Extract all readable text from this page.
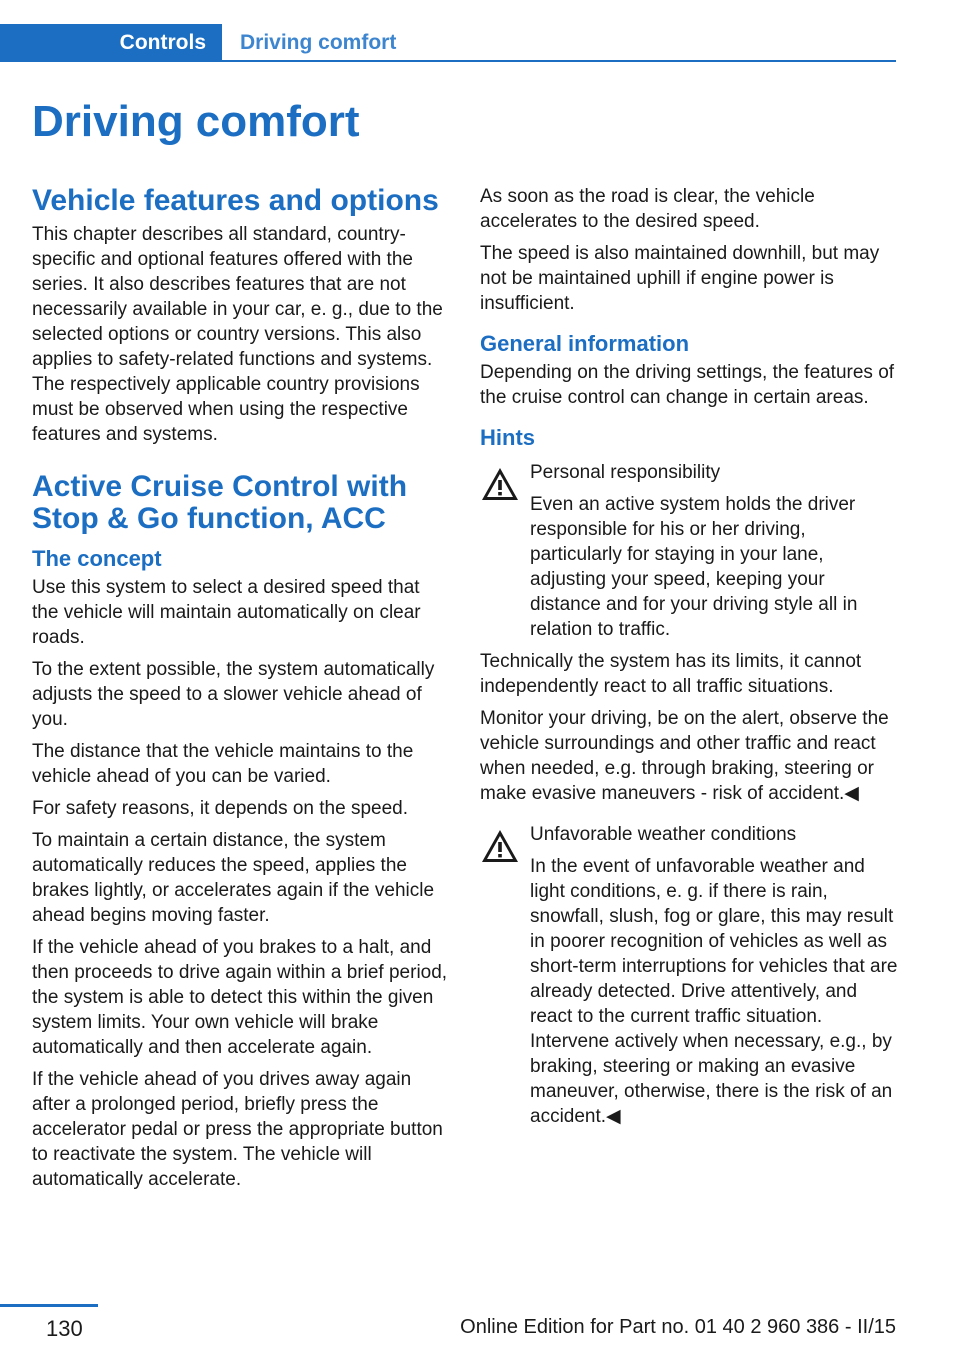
Controls	Driving comfort
Driving comfort
Vehicle features and options

This chapter describes all standard, country-specific and optional features offered with the series. It also describes features that are not necessarily available in your car, e. g., due to the selected options or country versions. This also applies to safety-related functions and systems. The respectively applicable country provisions must be observed when using the respective features and systems.

Active Cruise Control with Stop & Go function, ACC
The concept

Use this system to select a desired speed that the vehicle will maintain automatically on clear roads.

To the extent possible, the system automatically adjusts the speed to a slower vehicle ahead of you.

The distance that the vehicle maintains to the vehicle ahead of you can be varied.

For safety reasons, it depends on the speed.

To maintain a certain distance, the system automatically reduces the speed, applies the brakes lightly, or accelerates again if the vehicle ahead begins moving faster.

If the vehicle ahead of you brakes to a halt, and then proceeds to drive again within a brief period, the system is able to detect this within the given system limits. Your own vehicle will brake automatically and then accelerate again.

If the vehicle ahead of you drives away again after a prolonged period, briefly press the accelerator pedal or press the appropriate button to reactivate the system. The vehicle will automatically accelerate.

As soon as the road is clear, the vehicle accelerates to the desired speed.

The speed is also maintained downhill, but may not be maintained uphill if engine power is insufficient.

General information

Depending on the driving settings, the features of the cruise control can change in certain areas.

Hints

Personal responsibility

Even an active system holds the driver responsible for his or her driving, particularly for staying in your lane, adjusting your speed, keeping your distance and for your driving style all in relation to traffic.

Technically the system has its limits, it cannot independently react to all traffic situations.

Monitor your driving, be on the alert, observe the vehicle surroundings and other traffic and react when needed, e.g. through braking, steering or make evasive maneuvers - risk of accident.◀

Unfavorable weather conditions

In the event of unfavorable weather and light conditions, e. g. if there is rain, snowfall, slush, fog or glare, this may result in poorer recognition of vehicles as well as short-term interruptions for vehicles that are already detected. Drive attentively, and react to the current traffic situation. Intervene actively when necessary, e.g., by braking, steering or making an evasive maneuver, otherwise, there is the risk of an accident.◀

130	Online Edition for Part no. 01 40 2 960 386 - II/15
